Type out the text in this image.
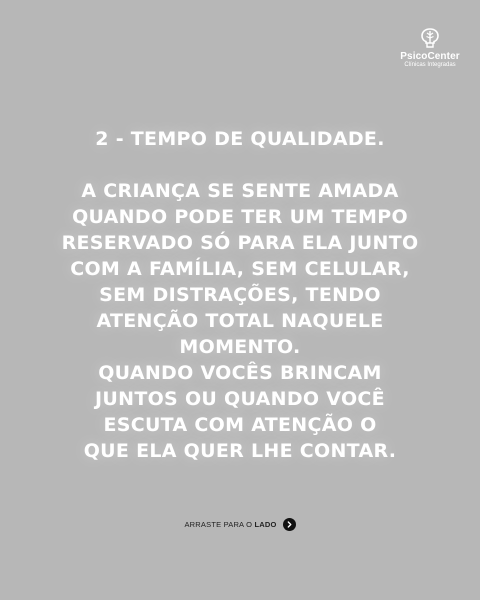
PsicoCenter
Clínicas Integradas

2 - TEMPO DE QUALIDADE.

A CRIANÇA SE SENTE AMADA
QUANDO PODE TER UM TEMPO
RESERVADO SÓ PARA ELA JUNTO
COM A FAMÍLIA, SEM CELULAR,
SEM DISTRAÇÕES, TENDO
ATENÇÃO TOTAL NAQUELE
MOMENTO.
QUANDO VOCÊS BRINCAM
JUNTOS OU QUANDO VOCÊ
ESCUTA COM ATENÇÃO O
QUE ELA QUER LHE CONTAR.
ARRASTE PARA O LADO
